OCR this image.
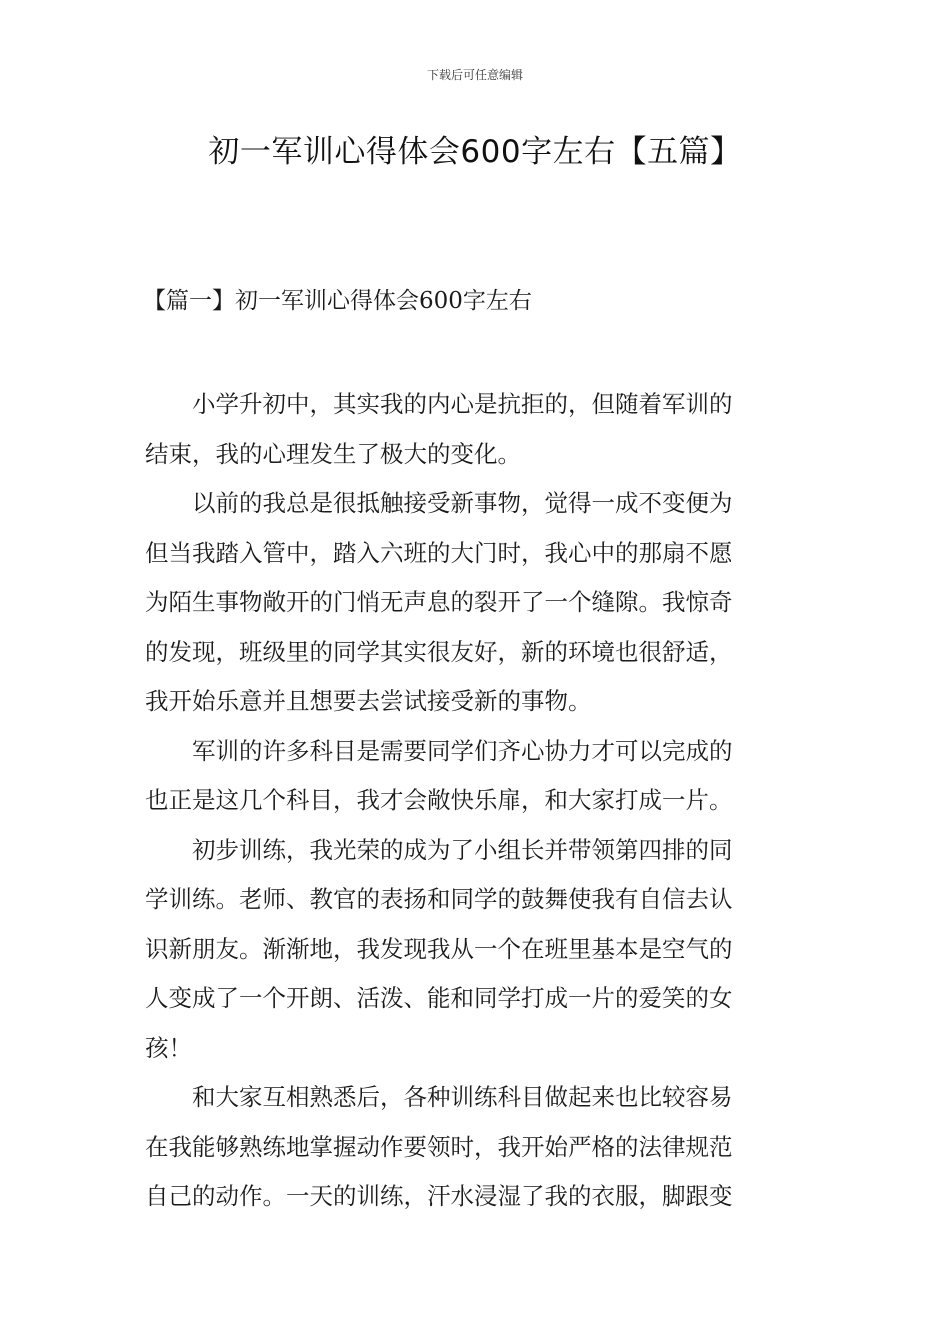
下载后可任意编辑
初一军训心得体会600字左右【五篇】
【篇一】初一军训心得体会600字左右
小学升初中，其实我的内心是抗拒的，但随着军训的
结束，我的心理发生了极大的变化。
以前的我总是很抵触接受新事物，觉得一成不变便为
但当我踏入管中，踏入六班的大门时，我心中的那扇不愿
为陌生事物敞开的门悄无声息的裂开了一个缝隙。我惊奇
的发现，班级里的同学其实很友好，新的环境也很舒适，
我开始乐意并且想要去尝试接受新的事物。
军训的许多科目是需要同学们齐心协力才可以完成的
也正是这几个科目，我才会敞快乐扉，和大家打成一片。
初步训练，我光荣的成为了小组长并带领第四排的同
学训练。老师、教官的表扬和同学的鼓舞使我有自信去认
识新朋友。渐渐地，我发现我从一个在班里基本是空气的
人变成了一个开朗、活泼、能和同学打成一片的爱笑的女
孩！
和大家互相熟悉后，各种训练科目做起来也比较容易
在我能够熟练地掌握动作要领时，我开始严格的法律规范
自己的动作。一天的训练，汗水浸湿了我的衣服，脚跟变
